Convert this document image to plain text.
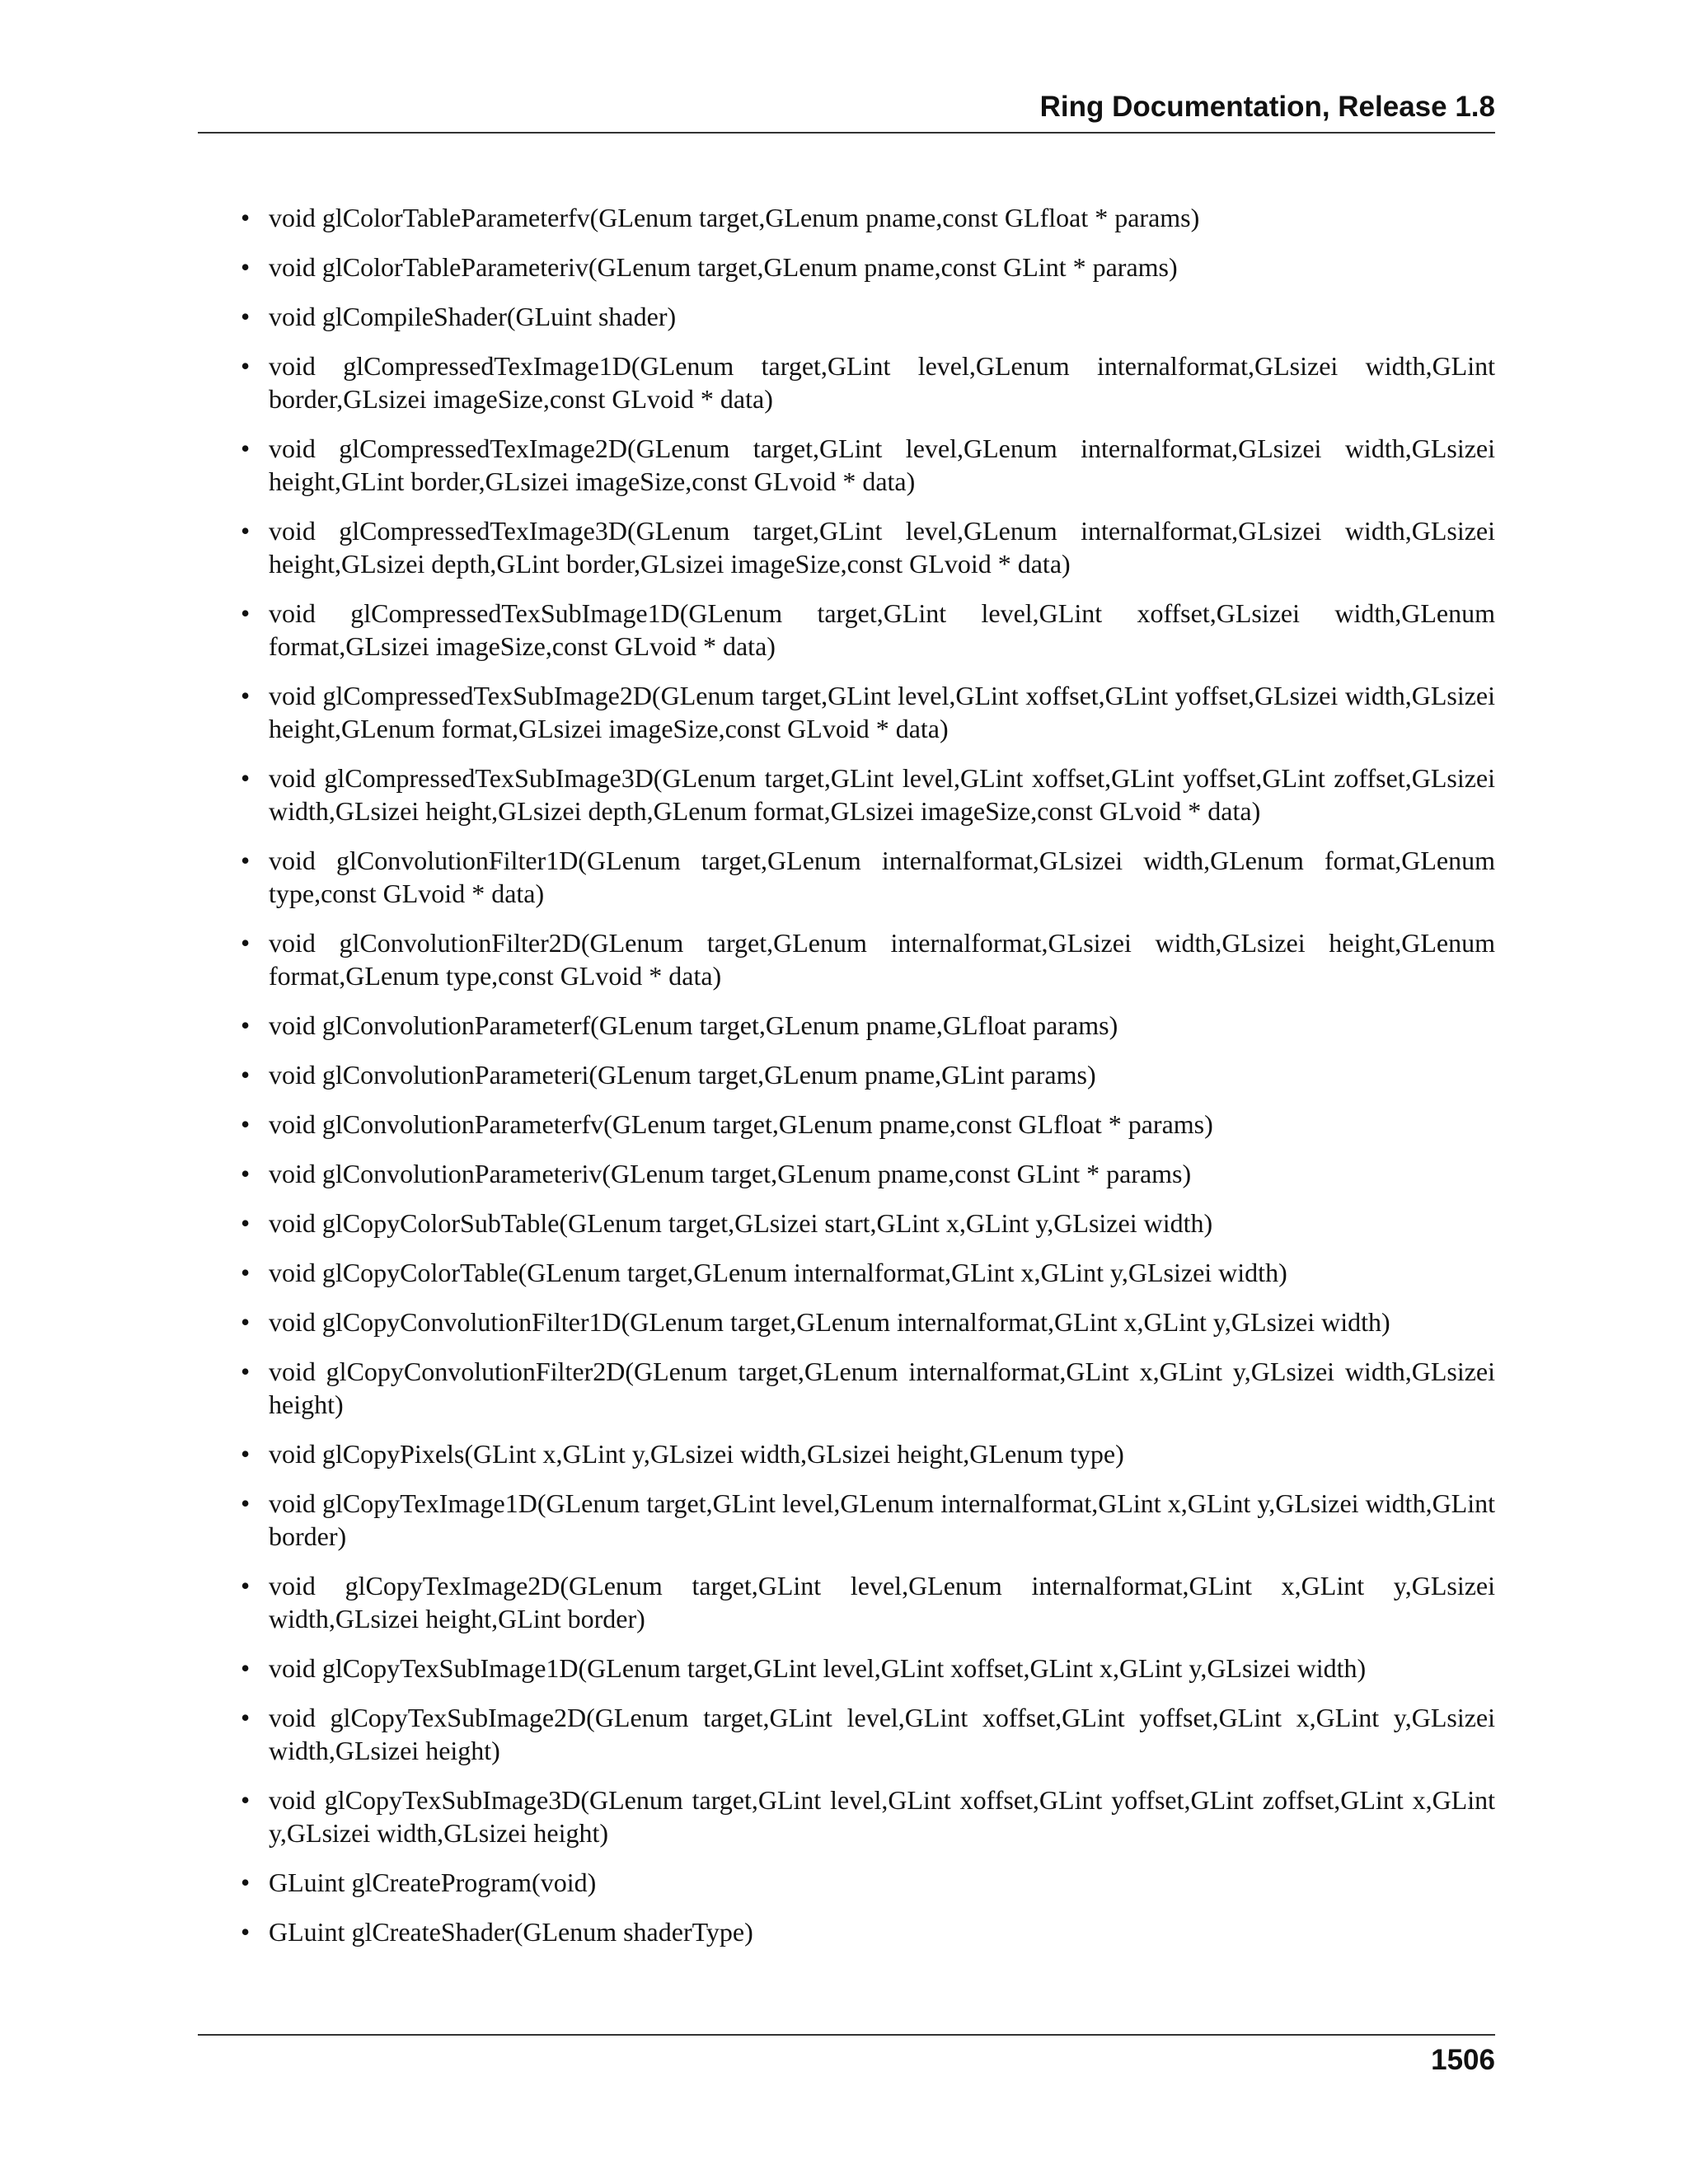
Ring Documentation, Release 1.8
• void glColorTableParameterfv(GLenum target,GLenum pname,const GLfloat * params)
• void glColorTableParameteriv(GLenum target,GLenum pname,const GLint * params)
• void glCompileShader(GLuint shader)
• void glCompressedTexImage1D(GLenum target,GLint level,GLenum internalformat,GLsizei width,GLint border,GLsizei imageSize,const GLvoid * data)
• void glCompressedTexImage2D(GLenum target,GLint level,GLenum internalformat,GLsizei width,GLsizei height,GLint border,GLsizei imageSize,const GLvoid * data)
• void glCompressedTexImage3D(GLenum target,GLint level,GLenum internalformat,GLsizei width,GLsizei height,GLsizei depth,GLint border,GLsizei imageSize,const GLvoid * data)
• void glCompressedTexSubImage1D(GLenum target,GLint level,GLint xoffset,GLsizei width,GLenum format,GLsizei imageSize,const GLvoid * data)
• void glCompressedTexSubImage2D(GLenum target,GLint level,GLint xoffset,GLint yoffset,GLsizei width,GLsizei height,GLenum format,GLsizei imageSize,const GLvoid * data)
• void glCompressedTexSubImage3D(GLenum target,GLint level,GLint xoffset,GLint yoffset,GLint zoffset,GLsizei width,GLsizei height,GLsizei depth,GLenum format,GLsizei imageSize,const GLvoid * data)
• void glConvolutionFilter1D(GLenum target,GLenum internalformat,GLsizei width,GLenum format,GLenum type,const GLvoid * data)
• void glConvolutionFilter2D(GLenum target,GLenum internalformat,GLsizei width,GLsizei height,GLenum format,GLenum type,const GLvoid * data)
• void glConvolutionParameterf(GLenum target,GLenum pname,GLfloat params)
• void glConvolutionParameteri(GLenum target,GLenum pname,GLint params)
• void glConvolutionParameterfv(GLenum target,GLenum pname,const GLfloat * params)
• void glConvolutionParameteriv(GLenum target,GLenum pname,const GLint * params)
• void glCopyColorSubTable(GLenum target,GLsizei start,GLint x,GLint y,GLsizei width)
• void glCopyColorTable(GLenum target,GLenum internalformat,GLint x,GLint y,GLsizei width)
• void glCopyConvolutionFilter1D(GLenum target,GLenum internalformat,GLint x,GLint y,GLsizei width)
• void glCopyConvolutionFilter2D(GLenum target,GLenum internalformat,GLint x,GLint y,GLsizei width,GLsizei height)
• void glCopyPixels(GLint x,GLint y,GLsizei width,GLsizei height,GLenum type)
• void glCopyTexImage1D(GLenum target,GLint level,GLenum internalformat,GLint x,GLint y,GLsizei width,GLint border)
• void glCopyTexImage2D(GLenum target,GLint level,GLenum internalformat,GLint x,GLint y,GLsizei width,GLsizei height,GLint border)
• void glCopyTexSubImage1D(GLenum target,GLint level,GLint xoffset,GLint x,GLint y,GLsizei width)
• void glCopyTexSubImage2D(GLenum target,GLint level,GLint xoffset,GLint yoffset,GLint x,GLint y,GLsizei width,GLsizei height)
• void glCopyTexSubImage3D(GLenum target,GLint level,GLint xoffset,GLint yoffset,GLint zoffset,GLint x,GLint y,GLsizei width,GLsizei height)
• GLuint glCreateProgram(void)
• GLuint glCreateShader(GLenum shaderType)
1506
